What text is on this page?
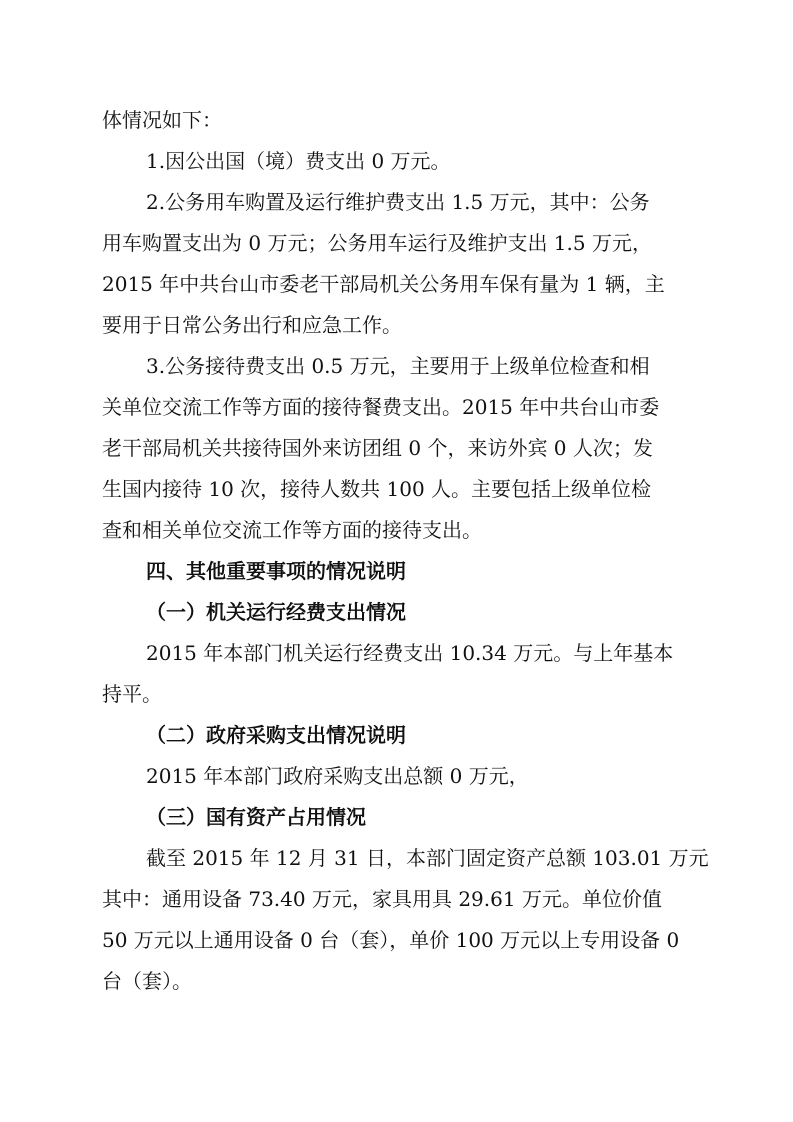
体情况如下：

1.因公出国（境）费支出 0 万元。

2.公务用车购置及运行维护费支出 1.5 万元，其中：公务

用车购置支出为 0 万元；公务用车运行及维护支出 1.5 万元，

2015 年中共台山市委老干部局机关公务用车保有量为 1 辆，主

要用于日常公务出行和应急工作。

3.公务接待费支出 0.5 万元，主要用于上级单位检查和相

关单位交流工作等方面的接待餐费支出。2015 年中共台山市委

老干部局机关共接待国外来访团组 0 个，来访外宾 0 人次；发

生国内接待 10 次，接待人数共 100 人。主要包括上级单位检

查和相关单位交流工作等方面的接待支出。

四、其他重要事项的情况说明

（一）机关运行经费支出情况

2015 年本部门机关运行经费支出 10.34 万元。与上年基本

持平。

（二）政府采购支出情况说明

2015 年本部门政府采购支出总额 0 万元，

（三）国有资产占用情况

截至 2015 年 12 月 31 日，本部门固定资产总额 103.01 万元

其中：通用设备 73.40 万元，家具用具 29.61 万元。单位价值

50 万元以上通用设备 0 台（套），单价 100 万元以上专用设备 0

台（套）。
